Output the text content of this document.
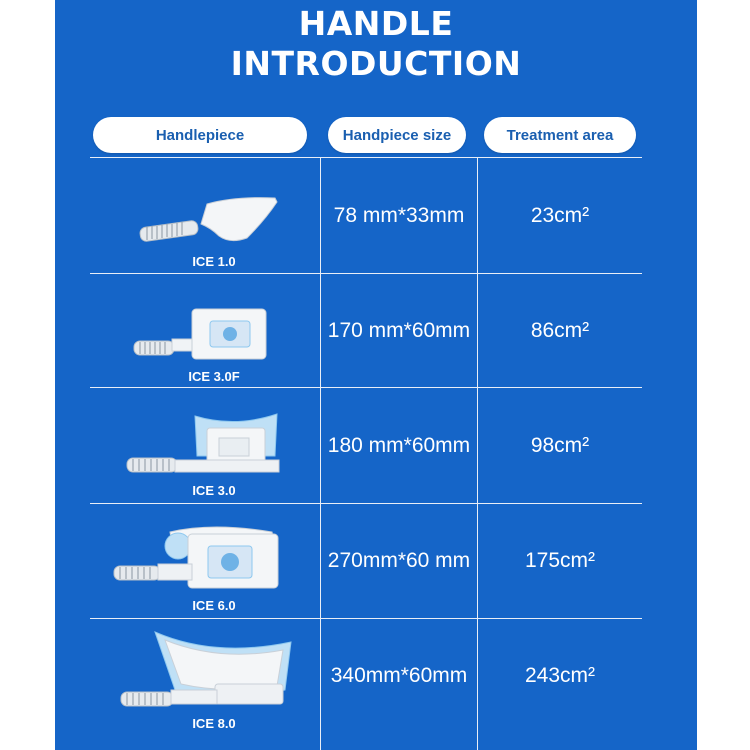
HANDLE
INTRODUCTION
Handlepiece	Handpiece size	Treatment area
ICE 1.0
78 mm*33mm	23cm²
ICE 3.0F
170 mm*60mm	86cm²
ICE 3.0
180 mm*60mm	98cm²
ICE 6.0
270mm*60 mm	175cm²
ICE 8.0
340mm*60mm	243cm²
